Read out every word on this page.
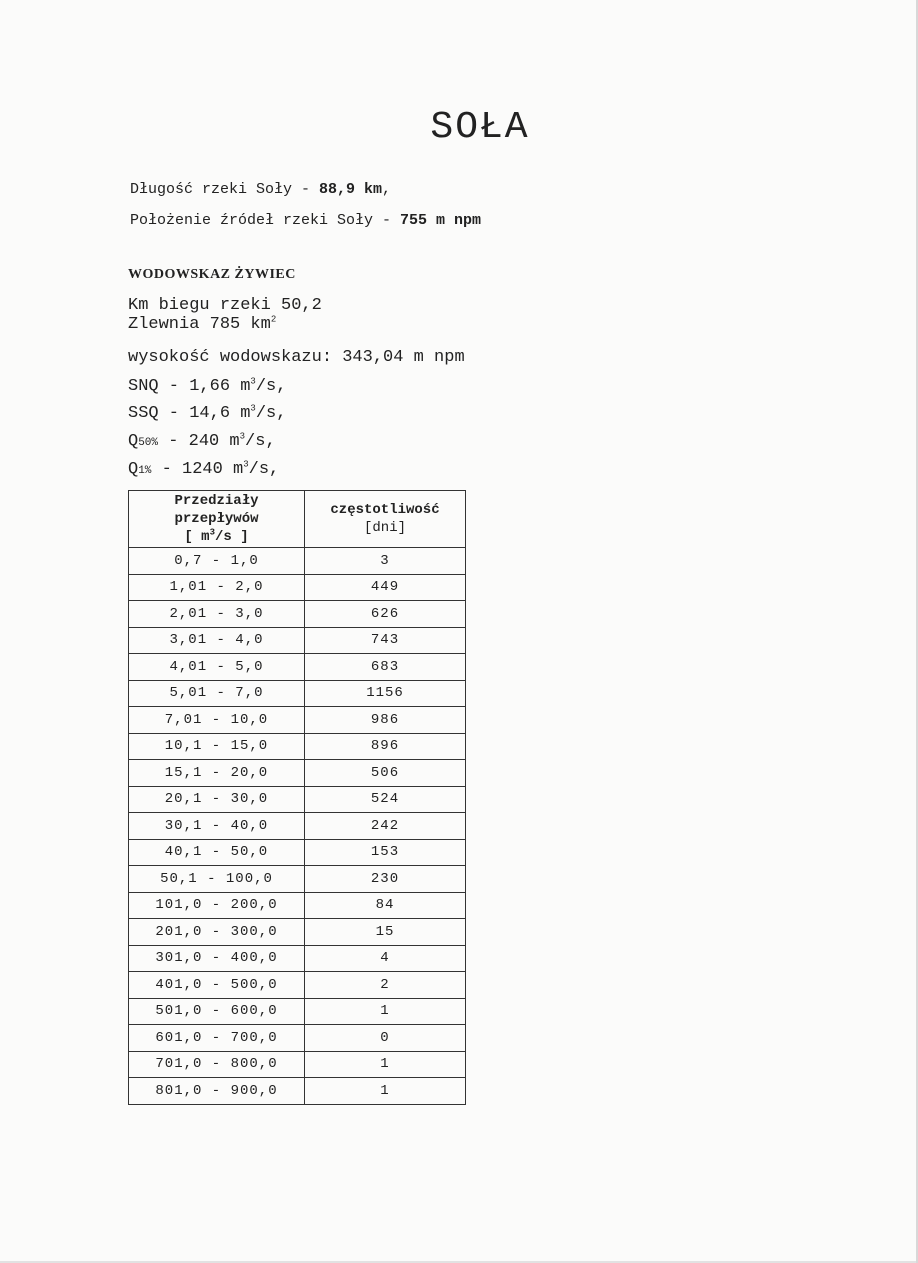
SOŁA
Długość rzeki Soły - 88,9 km,
Położenie źródeł rzeki Soły - 755 m npm
WODOWSKAZ ŻYWIEC
Km biegu rzeki 50,2
Zlewnia 785 $km^2$
wysokość wodowskazu: 343,04 m npm
SNQ - 1,66 $m^3/s$,
SSQ - 14,6 $m^3/s$,
Q50% - 240 $m^3/s$,
Q1% - 1240 $m^3/s$,
Przedziały
przepływów
[ $m^3/s$ ]	częstotliwość
[dni]
0,7 - 1,0	3
1,01 - 2,0	449
2,01 - 3,0	626
3,01 - 4,0	743
4,01 - 5,0	683
5,01 - 7,0	1156
7,01 - 10,0	986
10,1 - 15,0	896
15,1 - 20,0	506
20,1 - 30,0	524
30,1 - 40,0	242
40,1 - 50,0	153
50,1 - 100,0	230
101,0 - 200,0	84
201,0 - 300,0	15
301,0 - 400,0	4
401,0 - 500,0	2
501,0 - 600,0	1
601,0 - 700,0	0
701,0 - 800,0	1
801,0 - 900,0	1
